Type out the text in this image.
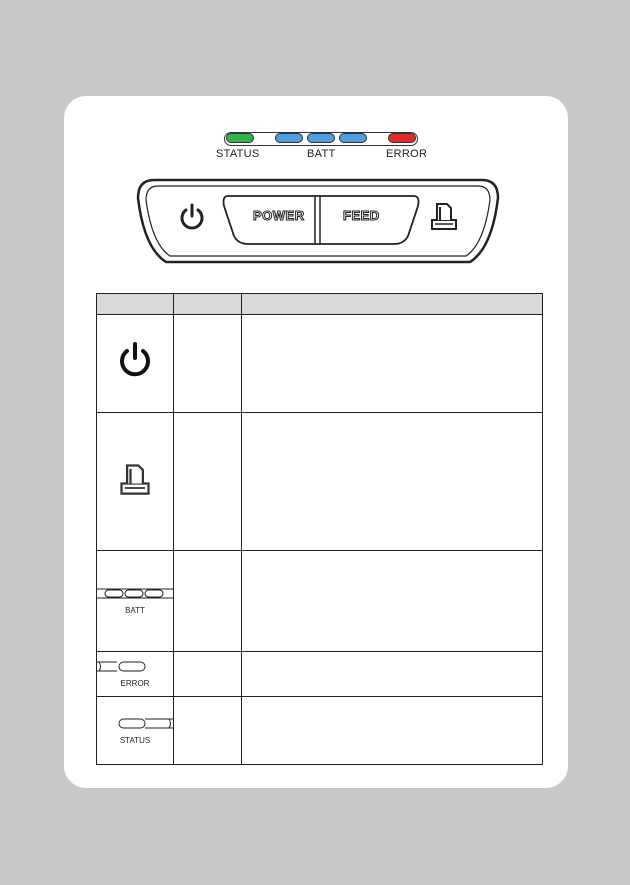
STATUS	BATT	ERROR
POWER	FEED

BATT		

ERROR		

STATUS		
